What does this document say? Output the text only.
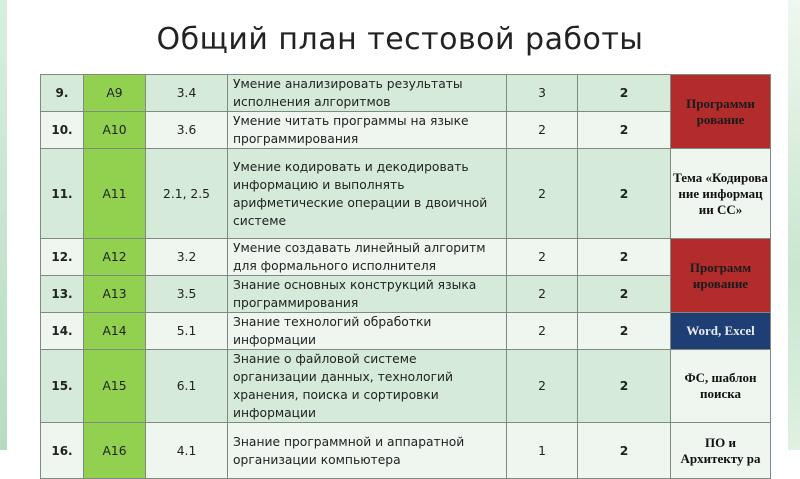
Общий план тестовой работы
9.	A9	3.4	Умение анализировать результаты исполнения алгоритмов	3	2	Программи рование
10.	A10	3.6	Умение читать программы на языке программирования	2	2	
11.	A11	2.1, 2.5	Умение кодировать и декодировать информацию и выполнять арифметические операции в двоичной системе	2	2	Тема «Кодирова ние информац ии СС»
12.	A12	3.2	Умение создавать линейный алгоритм для формального исполнителя	2	2	Программ ирование
13.	A13	3.5	Знание основных конструкций языка программирования	2	2	
14.	A14	5.1	Знание технологий обработки информации	2	2	Word, Excel
15.	A15	6.1	Знание о файловой системе организации данных, технологий хранения, поиска и сортировки информации	2	2	ФС, шаблон поиска
16.	A16	4.1	Знание программной и аппаратной организации компьютера	1	2	ПО и Архитекту ра
